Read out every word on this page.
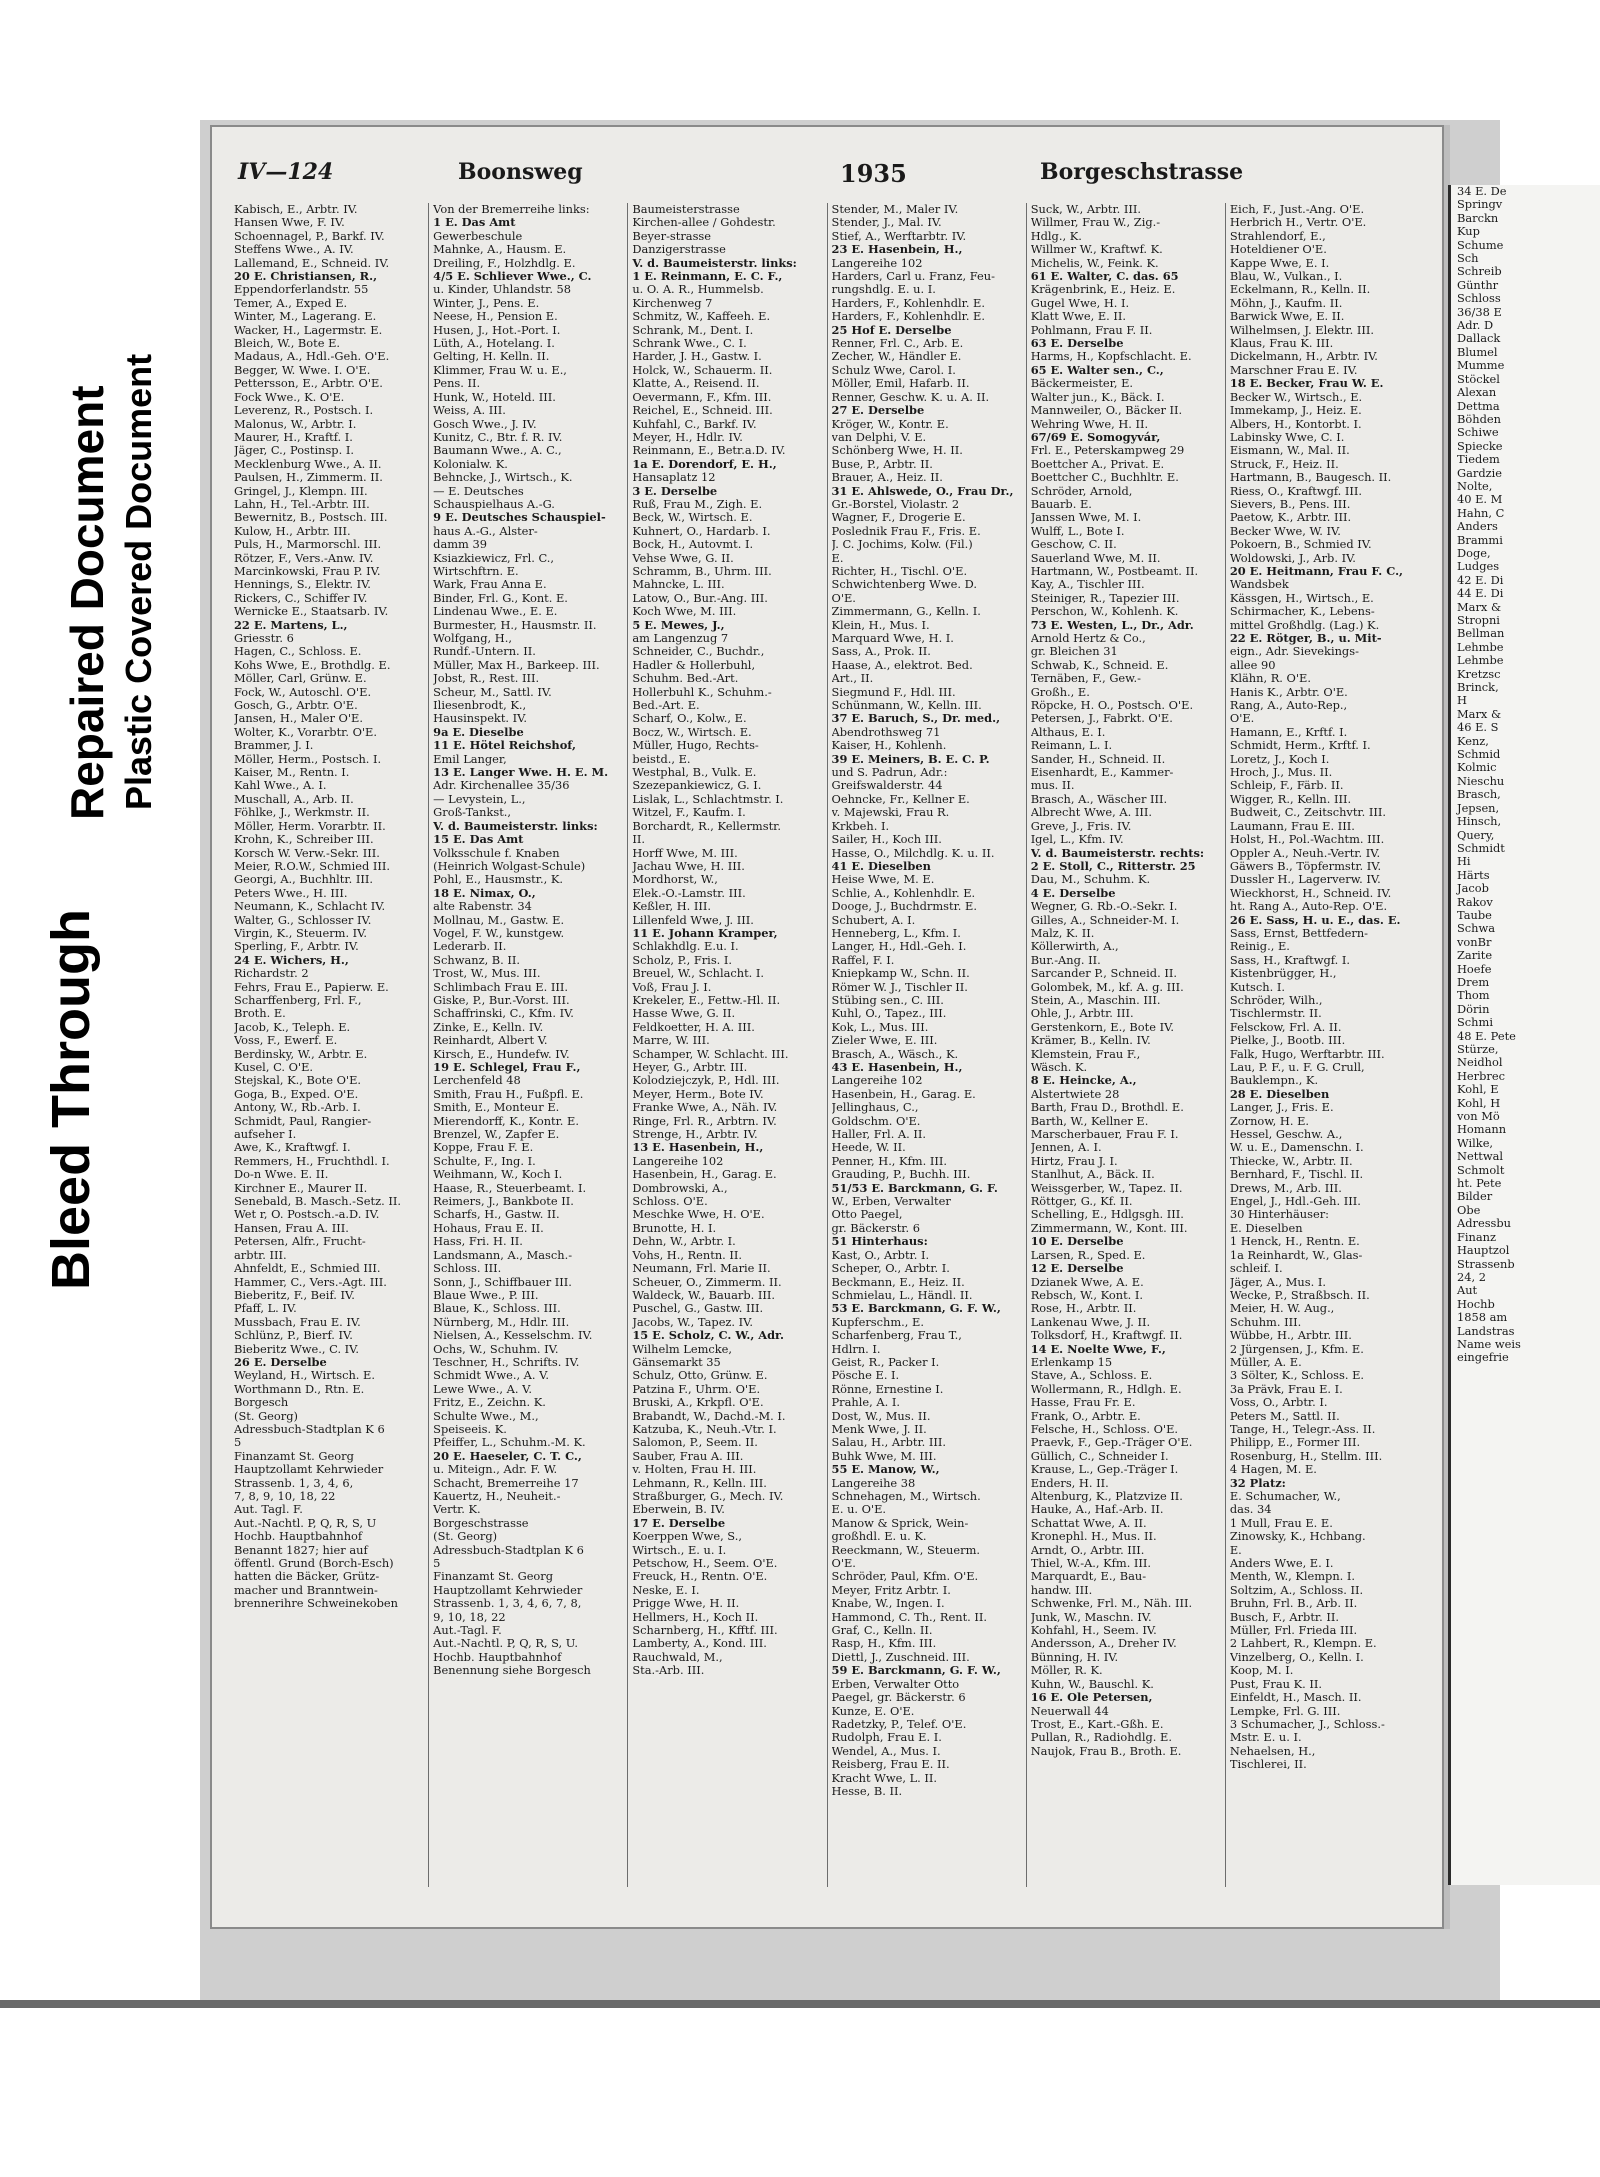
Bleed Through
Repaired Document Plastic Covered Document
IV—124	Boonsweg	1935	Borgeschstrasse
Kabisch, E., Arbtr. IV.
Hansen Wwe, F. IV.
Schoennagel, P., Barkf. IV.
Steffens Wwe., A. IV.
Lallemand, E., Schneid. IV.
20 E. Christiansen, R.,
Eppendorferlandstr. 55
Temer, A., Exped E.
Winter, M., Lagerang. E.
Wacker, H., Lagermstr. E.
Bleich, W., Bote E.
Madaus, A., Hdl.-Geh. O'E.
Begger, W. Wwe. I. O'E.
Pettersson, E., Arbtr. O'E.
Fock Wwe., K. O'E.
Leverenz, R., Postsch. I.
Malonus, W., Arbtr. I.
Maurer, H., Kraftf. I.
Jäger, C., Postinsp. I.
Mecklenburg Wwe., A. II.
Paulsen, H., Zimmerm. II.
Gringel, J., Klempn. III.
Lahn, H., Tel.-Arbtr. III.
Bewernitz, B., Postsch. III.
Kulow, H., Arbtr. III.
Puls, H., Marmorschl. III.
Rötzer, F., Vers.-Anw. IV.
Marcinkowski, Frau P. IV.
Hennings, S., Elektr. IV.
Rickers, C., Schiffer IV.
Wernicke E., Staatsarb. IV.
22 E. Martens, L.,
Griesstr. 6
Hagen, C., Schloss. E.
Kohs Wwe, E., Brothdlg. E.
Möller, Carl, Grünw. E.
Fock, W., Autoschl. O'E.
Gosch, G., Arbtr. O'E.
Jansen, H., Maler O'E.
Wolter, K., Vorarbtr. O'E.
Brammer, J. I.
Möller, Herm., Postsch. I.
Kaiser, M., Rentn. I.
Kahl Wwe., A. I.
Muschall, A., Arb. II.
Föhlke, J., Werkmstr. II.
Möller, Herm. Vorarbtr. II.
Krohn, K., Schreiber III.
Korsch W. Verw.-Sekr. III.
Meier, R.O.W., Schmied III.
Georgi, A., Buchhltr. III.
Peters Wwe., H. III.
Neumann, K., Schlacht IV.
Walter, G., Schlosser IV.
Virgin, K., Steuerm. IV.
Sperling, F., Arbtr. IV.
24 E. Wichers, H.,
Richardstr. 2
Fehrs, Frau E., Papierw. E.
Scharffenberg, Frl. F.,
Broth. E.
Jacob, K., Teleph. E.
Voss, F., Ewerf. E.
Berdinsky, W., Arbtr. E.
Kusel, C. O'E.
Stejskal, K., Bote O'E.
Goga, B., Exped. O'E.
Antony, W., Rb.-Arb. I.
Schmidt, Paul, Rangier-
aufseher I.
Awe, K., Kraftwgf. I.
Remmers, H., Fruchthdl. I.
Do-n Wwe. E. II.
Kirchner E., Maurer II.
Senebald, B. Masch.-Setz. II.
Wet r, O. Postsch.-a.D. IV.
Hansen, Frau A. III.
Petersen, Alfr., Frucht-
arbtr. III.
Ahnfeldt, E., Schmied III.
Hammer, C., Vers.-Agt. III.
Bieberitz, F., Beif. IV.
Pfaff, L. IV.
Mussbach, Frau E. IV.
Schlünz, P., Bierf. IV.
Bieberitz Wwe., C. IV.
26 E. Derselbe
Weyland, H., Wirtsch. E.
Worthmann D., Rtn. E.
Borgesch
(St. Georg)
Adressbuch-Stadtplan K 6
5
Finanzamt St. Georg
Hauptzollamt Kehrwieder
Strassenb. 1, 3, 4, 6,
7, 8, 9, 10, 18, 22
Aut. Tagl. F.
Aut.-Nachtl. P, Q, R, S, U
Hochb. Hauptbahnhof
Benannt 1827; hier auf
öffentl. Grund (Borch-Esch)
hatten die Bäcker, Grütz-
macher und Branntwein-
brennerihre Schweinekoben
Von der Bremerreihe links:
1 E. Das Amt
Gewerbeschule
Mahnke, A., Hausm. E.
Dreiling, F., Holzhdlg. E.
4/5 E. Schliever Wwe., C.
u. Kinder, Uhlandstr. 58
Winter, J., Pens. E.
Neese, H., Pension E.
Husen, J., Hot.-Port. I.
Lüth, A., Hotelang. I.
Gelting, H. Kelln. II.
Klimmer, Frau W. u. E.,
Pens. II.
Hunk, W., Hoteld. III.
Weiss, A. III.
Gosch Wwe., J. IV.
Kunitz, C., Btr. f. R. IV.
Baumann Wwe., A. C.,
Kolonialw. K.
Behncke, J., Wirtsch., K.
— E. Deutsches
Schauspielhaus A.-G.
9 E. Deutsches Schauspiel-
haus A.-G., Alster-
damm 39
Ksiazkiewicz, Frl. C.,
Wirtschftrn. E.
Wark, Frau Anna E.
Binder, Frl. G., Kont. E.
Lindenau Wwe., E. E.
Burmester, H., Hausmstr. II.
Wolfgang, H.,
Rundf.-Untern. II.
Müller, Max H., Barkeep. III.
Jobst, R., Rest. III.
Scheur, M., Sattl. IV.
Iliesenbrodt, K.,
Hausinspekt. IV.
9a E. Dieselbe
11 E. Hötel Reichshof,
Emil Langer,
13 E. Langer Wwe. H. E. M.
Adr. Kirchenallee 35/36
— Levystein, L.,
Groß-Tankst.,
V. d. Baumeisterstr. links:
15 E. Das Amt
Volksschule f. Knaben
(Heinrich Wolgast-Schule)
Pohl, E., Hausmstr., K.
18 E. Nimax, O.,
alte Rabenstr. 34
Mollnau, M., Gastw. E.
Vogel, F. W., kunstgew.
Lederarb. II.
Schwanz, B. II.
Trost, W., Mus. III.
Schlimbach Frau E. III.
Giske, P., Bur.-Vorst. III.
Schaffrinski, C., Kfm. IV.
Zinke, E., Kelln. IV.
Reinhardt, Albert V.
Kirsch, E., Hundefw. IV.
19 E. Schlegel, Frau F.,
Lerchenfeld 48
Smith, Frau H., Fußpfl. E.
Smith, E., Monteur E.
Mierendorff, K., Kontr. E.
Brenzel, W., Zapfer E.
Koppe, Frau F. E.
Schulte, F., Ing. I.
Weihmann, W., Koch I.
Haase, R., Steuerbeamt. I.
Reimers, J., Bankbote II.
Scharfs, H., Gastw. II.
Hohaus, Frau E. II.
Hass, Fri. H. II.
Landsmann, A., Masch.-
Schloss. III.
Sonn, J., Schiffbauer III.
Blaue Wwe., P. III.
Blaue, K., Schloss. III.
Nürnberg, M., Hdlr. III.
Nielsen, A., Kesselschm. IV.
Ochs, W., Schuhm. IV.
Teschner, H., Schrifts. IV.
Schmidt Wwe., A. V.
Lewe Wwe., A. V.
Fritz, E., Zeichn. K.
Schulte Wwe., M.,
Speiseeis. K.
Pfeiffer, L., Schuhm.-M. K.
20 E. Haeseler, C. T. C.,
u. Miteign., Adr. F. W.
Schacht, Bremerreihe 17
Kauertz, H., Neuheit.-
Vertr. K.
Borgeschstrasse
(St. Georg)
Adressbuch-Stadtplan K 6
5
Finanzamt St. Georg
Hauptzollamt Kehrwieder
Strassenb. 1, 3, 4, 6, 7, 8,
9, 10, 18, 22
Aut.-Tagl. F.
Aut.-Nachtl. P, Q, R, S, U.
Hochb. Hauptbahnhof
Benennung siehe Borgesch
Baumeisterstrasse
Kirchen-allee / Gohdestr.
Beyer-strasse
Danzigerstrasse
V. d. Baumeisterstr. links:
1 E. Reinmann, E. C. F.,
u. O. A. R., Hummelsb.
Kirchenweg 7
Schmitz, W., Kaffeeh. E.
Schrank, M., Dent. I.
Schrank Wwe., C. I.
Harder, J. H., Gastw. I.
Holck, W., Schauerm. II.
Klatte, A., Reisend. II.
Oevermann, F., Kfm. III.
Reichel, E., Schneid. III.
Kuhfahl, C., Barkf. IV.
Meyer, H., Hdlr. IV.
Reinmann, E., Betr.a.D. IV.
1a E. Dorendorf, E. H.,
Hansaplatz 12
3 E. Derselbe
Ruß, Frau M., Zigh. E.
Beck, W., Wirtsch. E.
Kuhnert, O., Hardarb. I.
Bock, H., Autovmt. I.
Vehse Wwe, G. II.
Schramm, B., Uhrm. III.
Mahncke, L. III.
Latow, O., Bur.-Ang. III.
Koch Wwe, M. III.
5 E. Mewes, J.,
am Langenzug 7
Schneider, C., Buchdr.,
Hadler & Hollerbuhl,
Schuhm. Bed.-Art.
Hollerbuhl K., Schuhm.-
Bed.-Art. E.
Scharf, O., Kolw., E.
Bocz, W., Wirtsch. E.
Müller, Hugo, Rechts-
beistd., E.
Westphal, B., Vulk. E.
Szezepankiewicz, G. I.
Lislak, L., Schlachtmstr. I.
Witzel, F., Kaufm. I.
Borchardt, R., Kellermstr.
II.
Horff Wwe, M. III.
Jachau Wwe, H. III.
Mordhorst, W.,
Elek.-O.-Lamstr. III.
Keßler, H. III.
Lillenfeld Wwe, J. III.
11 E. Johann Kramper,
Schlakhdlg. E.u. I.
Scholz, P., Fris. I.
Breuel, W., Schlacht. I.
Voß, Frau J. I.
Krekeler, E., Fettw.-Hl. II.
Hasse Wwe, G. II.
Feldkoetter, H. A. III.
Marre, W. III.
Schamper, W. Schlacht. III.
Heyer, G., Arbtr. III.
Kolodziejczyk, P., Hdl. III.
Meyer, Herm., Bote IV.
Franke Wwe, A., Näh. IV.
Ringe, Frl. R., Arbtrn. IV.
Strenge, H., Arbtr. IV.
13 E. Hasenbein, H.,
Langereihe 102
Hasenbein, H., Garag. E.
Dombrowski, A.,
Schloss. O'E.
Meschke Wwe, H. O'E.
Brunotte, H. I.
Dehn, W., Arbtr. I.
Vohs, H., Rentn. II.
Neumann, Frl. Marie II.
Scheuer, O., Zimmerm. II.
Waldeck, W., Bauarb. III.
Puschel, G., Gastw. III.
Jacobs, W., Tapez. IV.
15 E. Scholz, C. W., Adr.
Wilhelm Lemcke,
Gänsemarkt 35
Schulz, Otto, Grünw. E.
Patzina F., Uhrm. O'E.
Bruski, A., Krkpfl. O'E.
Brabandt, W., Dachd.-M. I.
Katzuba, K., Neuh.-Vtr. I.
Salomon, P., Seem. II.
Sauber, Frau A. III.
v. Holten, Frau H. III.
Lehmann, R., Kelln. III.
Straßburger, G., Mech. IV.
Eberwein, B. IV.
17 E. Derselbe
Koerppen Wwe, S.,
Wirtsch., E. u. I.
Petschow, H., Seem. O'E.
Freuck, H., Rentn. O'E.
Neske, E. I.
Prigge Wwe, H. II.
Hellmers, H., Koch II.
Scharnberg, H., Kfftf. III.
Lamberty, A., Kond. III.
Rauchwald, M.,
Sta.-Arb. III.
Stender, M., Maler IV.
Stender, J., Mal. IV.
Stief, A., Werftarbtr. IV.
23 E. Hasenbein, H.,
Langereihe 102
Harders, Carl u. Franz, Feu-
rungshdlg. E. u. I.
Harders, F., Kohlenhdlr. E.
Harders, F., Kohlenhdlr. E.
25 Hof E. Derselbe
Renner, Frl. C., Arb. E.
Zecher, W., Händler E.
Schulz Wwe, Carol. I.
Möller, Emil, Hafarb. II.
Renner, Geschw. K. u. A. II.
27 E. Derselbe
Kröger, W., Kontr. E.
van Delphi, V. E.
Schönberg Wwe, H. II.
Buse, P., Arbtr. II.
Brauer, A., Heiz. II.
31 E. Ahlswede, O., Frau Dr.,
Gr.-Borstel, Violastr. 2
Wagner, F., Drogerie E.
Poslednik Frau F., Fris. E.
J. C. Jochims, Kolw. (Fil.)
E.
Richter, H., Tischl. O'E.
Schwichtenberg Wwe. D.
O'E.
Zimmermann, G., Kelln. I.
Klein, H., Mus. I.
Marquard Wwe, H. I.
Sass, A., Prok. II.
Haase, A., elektrot. Bed.
Art., II.
Siegmund F., Hdl. III.
Schünmann, W., Kelln. III.
37 E. Baruch, S., Dr. med.,
Abendrothsweg 71
Kaiser, H., Kohlenh.
39 E. Meiners, B. E. C. P.
und S. Padrun, Adr.:
Greifswalderstr. 44
Oehncke, Fr., Kellner E.
v. Majewski, Frau R.
Krkbeh. I.
Sailer, H., Koch III.
Hasse, O., Milchdlg. K. u. II.
41 E. Dieselben
Heise Wwe, M. E.
Schlie, A., Kohlenhdlr. E.
Dooge, J., Buchdrmstr. E.
Schubert, A. I.
Henneberg, L., Kfm. I.
Langer, H., Hdl.-Geh. I.
Raffel, F. I.
Kniepkamp W., Schn. II.
Römer W. J., Tischler II.
Stübing sen., C. III.
Kuhl, O., Tapez., III.
Kok, L., Mus. III.
Zieler Wwe, E. III.
Brasch, A., Wäsch., K.
43 E. Hasenbein, H.,
Langereihe 102
Hasenbein, H., Garag. E.
Jellinghaus, C.,
Goldschm. O'E.
Haller, Frl. A. II.
Heede, W. II.
Penner, H., Kfm. III.
Grauding, P., Buchh. III.
51/53 E. Barckmann, G. F.
W., Erben, Verwalter
Otto Paegel,
gr. Bäckerstr. 6
51 Hinterhaus:
Kast, O., Arbtr. I.
Scheper, O., Arbtr. I.
Beckmann, E., Heiz. II.
Schmielau, L., Händl. II.
53 E. Barckmann, G. F. W.,
Kupferschm., E.
Scharfenberg, Frau T.,
Hdlrn. I.
Geist, R., Packer I.
Pösche E. I.
Rönne, Ernestine I.
Prahle, A. I.
Dost, W., Mus. II.
Menk Wwe, J. II.
Salau, H., Arbtr. III.
Buhk Wwe, M. III.
55 E. Manow, W.,
Langereihe 38
Schnehagen, M., Wirtsch.
E. u. O'E.
Manow & Sprick, Wein-
großhdl. E. u. K.
Reeckmann, W., Steuerm.
O'E.
Schröder, Paul, Kfm. O'E.
Meyer, Fritz Arbtr. I.
Knabe, W., Ingen. I.
Hammond, C. Th., Rent. II.
Graf, C., Kelln. II.
Rasp, H., Kfm. III.
Diettl, J., Zuschneid. III.
59 E. Barckmann, G. F. W.,
Erben, Verwalter Otto
Paegel, gr. Bäckerstr. 6
Kunze, E. O'E.
Radetzky, P., Telef. O'E.
Rudolph, Frau E. I.
Wendel, A., Mus. I.
Reisberg, Frau E. II.
Kracht Wwe, L. II.
Hesse, B. II.
Suck, W., Arbtr. III.
Willmer, Frau W., Zig.-
Hdlg., K.
Willmer W., Kraftwf. K.
Michelis, W., Feink. K.
61 E. Walter, C. das. 65
Krägenbrink, E., Heiz. E.
Gugel Wwe, H. I.
Klatt Wwe, E. II.
Pohlmann, Frau F. II.
63 E. Derselbe
Harms, H., Kopfschlacht. E.
65 E. Walter sen., C.,
Bäckermeister, E.
Walter jun., K., Bäck. I.
Mannweiler, O., Bäcker II.
Wehring Wwe, H. II.
67/69 E. Somogyvár,
Frl. E., Peterskampweg 29
Boettcher A., Privat. E.
Boettcher C., Buchhltr. E.
Schröder, Arnold,
Bauarb. E.
Janssen Wwe, M. I.
Wulff, L., Bote I.
Geschow, C. II.
Sauerland Wwe, M. II.
Hartmann, W., Postbeamt. II.
Kay, A., Tischler III.
Steiniger, R., Tapezier III.
Perschon, W., Kohlenh. K.
73 E. Westen, L., Dr., Adr.
Arnold Hertz & Co.,
gr. Bleichen 31
Schwab, K., Schneid. E.
Ternäben, F., Gew.-
Großh., E.
Röpcke, H. O., Postsch. O'E.
Petersen, J., Fabrkt. O'E.
Althaus, E. I.
Reimann, L. I.
Sander, H., Schneid. II.
Eisenhardt, E., Kammer-
mus. II.
Brasch, A., Wäscher III.
Albrecht Wwe, A. III.
Greve, J., Fris. IV.
Igel, L., Kfm. IV.
V. d. Baumeisterstr. rechts:
2 E. Stoll, C., Ritterstr. 25
Dau, M., Schuhm. K.
4 E. Derselbe
Wegner, G. Rb.-O.-Sekr. I.
Gilles, A., Schneider-M. I.
Malz, K. II.
Köllerwirth, A.,
Bur.-Ang. II.
Sarcander P., Schneid. II.
Golombek, M., kf. A. g. III.
Stein, A., Maschin. III.
Ohle, J., Arbtr. III.
Gerstenkorn, E., Bote IV.
Krämer, B., Kelln. IV.
Klemstein, Frau F.,
Wäsch. K.
8 E. Heincke, A.,
Alstertwiete 28
Barth, Frau D., Brothdl. E.
Barth, W., Kellner E.
Marscherbauer, Frau F. I.
Jennen, A. I.
Hirtz, Frau J. I.
Stanlhut, A., Bäck. II.
Weissgerber, W., Tapez. II.
Röttger, G., Kf. II.
Schelling, E., Hdlgsgh. III.
Zimmermann, W., Kont. III.
10 E. Derselbe
Larsen, R., Sped. E.
12 E. Derselbe
Dzianek Wwe, A. E.
Rebsch, W., Kont. I.
Rose, H., Arbtr. II.
Lankenau Wwe, J. II.
Tolksdorf, H., Kraftwgf. II.
14 E. Noelte Wwe, F.,
Erlenkamp 15
Stave, A., Schloss. E.
Wollermann, R., Hdlgh. E.
Hasse, Frau Fr. E.
Frank, O., Arbtr. E.
Felsche, H., Schloss. O'E.
Praevk, F., Gep.-Träger O'E.
Güllich, C., Schneider I.
Krause, L., Gep.-Träger I.
Enders, H. II.
Altenburg, K., Platzvize II.
Hauke, A., Haf.-Arb. II.
Schattat Wwe, A. II.
Kronephl. H., Mus. II.
Arndt, O., Arbtr. III.
Thiel, W.-A., Kfm. III.
Marquardt, E., Bau-
handw. III.
Schwenke, Frl. M., Näh. III.
Junk, W., Maschn. IV.
Kohfahl, H., Seem. IV.
Andersson, A., Dreher IV.
Bünning, H. IV.
Möller, R. K.
Kuhn, W., Bauschl. K.
16 E. Ole Petersen,
Neuerwall 44
Trost, E., Kart.-Gßh. E.
Pullan, R., Radiohdlg. E.
Naujok, Frau B., Broth. E.
Eich, F., Just.-Ang. O'E.
Herbrich H., Vertr. O'E.
Strahlendorf, E.,
Hoteldiener O'E.
Kappe Wwe, E. I.
Blau, W., Vulkan., I.
Eckelmann, R., Kelln. II.
Möhn, J., Kaufm. II.
Barwick Wwe, E. II.
Wilhelmsen, J. Elektr. III.
Klaus, Frau K. III.
Dickelmann, H., Arbtr. IV.
Marschner Frau E. IV.
18 E. Becker, Frau W. E.
Becker W., Wirtsch., E.
Immekamp, J., Heiz. E.
Albers, H., Kontorbt. I.
Labinsky Wwe, C. I.
Eismann, W., Mal. II.
Struck, F., Heiz. II.
Hartmann, B., Baugesch. II.
Riess, O., Kraftwgf. III.
Sievers, B., Pens. III.
Paetow, K., Arbtr. III.
Becker Wwe, W. IV.
Pokoern, B., Schmied IV.
Woldowski, J., Arb. IV.
20 E. Heitmann, Frau F. C.,
Wandsbek
Kässgen, H., Wirtsch., E.
Schirmacher, K., Lebens-
mittel Großhdlg. (Lag.) K.
22 E. Rötger, B., u. Mit-
eign., Adr. Sievekings-
allee 90
Klähn, R. O'E.
Hanis K., Arbtr. O'E.
Rang, A., Auto-Rep.,
O'E.
Hamann, E., Krftf. I.
Schmidt, Herm., Krftf. I.
Loretz, J., Koch I.
Hroch, J., Mus. II.
Schleip, F., Färb. II.
Wigger, R., Kelln. III.
Budweit, C., Zeitschvtr. III.
Laumann, Frau E. III.
Holst, H., Pol.-Wachtm. III.
Oppler A., Neuh.-Vertr. IV.
Gäwers B., Töpfermstr. IV.
Dussler H., Lagerverw. IV.
Wieckhorst, H., Schneid. IV.
ht. Rang A., Auto-Rep. O'E.
26 E. Sass, H. u. E., das. E.
Sass, Ernst, Bettfedern-
Reinig., E.
Sass, H., Kraftwgf. I.
Kistenbrügger, H.,
Kutsch. I.
Schröder, Wilh.,
Tischlermstr. II.
Felsckow, Frl. A. II.
Pielke, J., Bootb. III.
Falk, Hugo, Werftarbtr. III.
Lau, P. F., u. F. G. Crull,
Bauklempn., K.
28 E. Dieselben
Langer, J., Fris. E.
Zornow, H. E.
Hessel, Geschw. A.,
W. u. E., Damenschn. I.
Thiecke, W., Arbtr. II.
Bernhard, F., Tischl. II.
Drews, M., Arb. III.
Engel, J., Hdl.-Geh. III.
30 Hinterhäuser:
E. Dieselben
1 Henck, H., Rentn. E.
1a Reinhardt, W., Glas-
schleif. I.
Jäger, A., Mus. I.
Wecke, P., Straßbsch. II.
Meier, H. W. Aug.,
Schuhm. III.
Wübbe, H., Arbtr. III.
2 Jürgensen, J., Kfm. E.
Müller, A. E.
3 Sölter, K., Schloss. E.
3a Prävk, Frau E. I.
Voss, O., Arbtr. I.
Peters M., Sattl. II.
Tange, H., Telegr.-Ass. II.
Philipp, E., Former III.
Rosenburg, H., Stellm. III.
4 Hagen, M. E.
32 Platz:
E. Schumacher, W.,
das. 34
1 Mull, Frau E. E.
Zinowsky, K., Hchbang.
E.
Anders Wwe, E. I.
Menth, W., Klempn. I.
Soltzim, A., Schloss. II.
Bruhn, Frl. B., Arb. II.
Busch, F., Arbtr. II.
Müller, Frl. Frieda III.
2 Lahbert, R., Klempn. E.
Vinzelberg, O., Kelln. I.
Koop, M. I.
Pust, Frau K. II.
Einfeldt, H., Masch. II.
Lempke, Frl. G. III.
3 Schumacher, J., Schloss.-
Mstr. E. u. I.
Nehaelsen, H.,
Tischlerei, II.
34 E. De
Springv
Barckn
Kup
Schume
Sch
Schreib
Günthr
Schloss
36/38 E
Adr. D
Dallack
Blumel
Mumme
Stöckel
Alexan
Dettma
Böhden
Schiwe
Spiecke
Tiedem
Gardzie
Nolte,
40 E. M
Hahn, C
Anders
Brammi
Doge,
Ludges
42 E. Di
44 E. Di
Marx &
Stropni
Bellman
Lehmbe
Lehmbe
Kretzsc
Brinck,
H
Marx &
46 E. S
Kenz,
Schmid
Kolmic
Nieschu
Brasch,
Jepsen,
Hinsch,
Query,
Schmidt
Hi
Härts
Jacob
Rakov
Taube
Schwa
vonBr
Zarite
Hoefe
Drem
Thom
Dörin
Schmi
48 E. Pete
Stürze,
Neidhol
Herbrec
Kohl, E
Kohl, H
von Mö
Homann
Wilke,
Nettwal
Schmolt
ht. Pete
Bilder
Obe
Adressbu
Finanz
Hauptzol
Strassenb
24, 2
Aut
Hochb
1858 am
Landstras
Name weis
eingefrie
